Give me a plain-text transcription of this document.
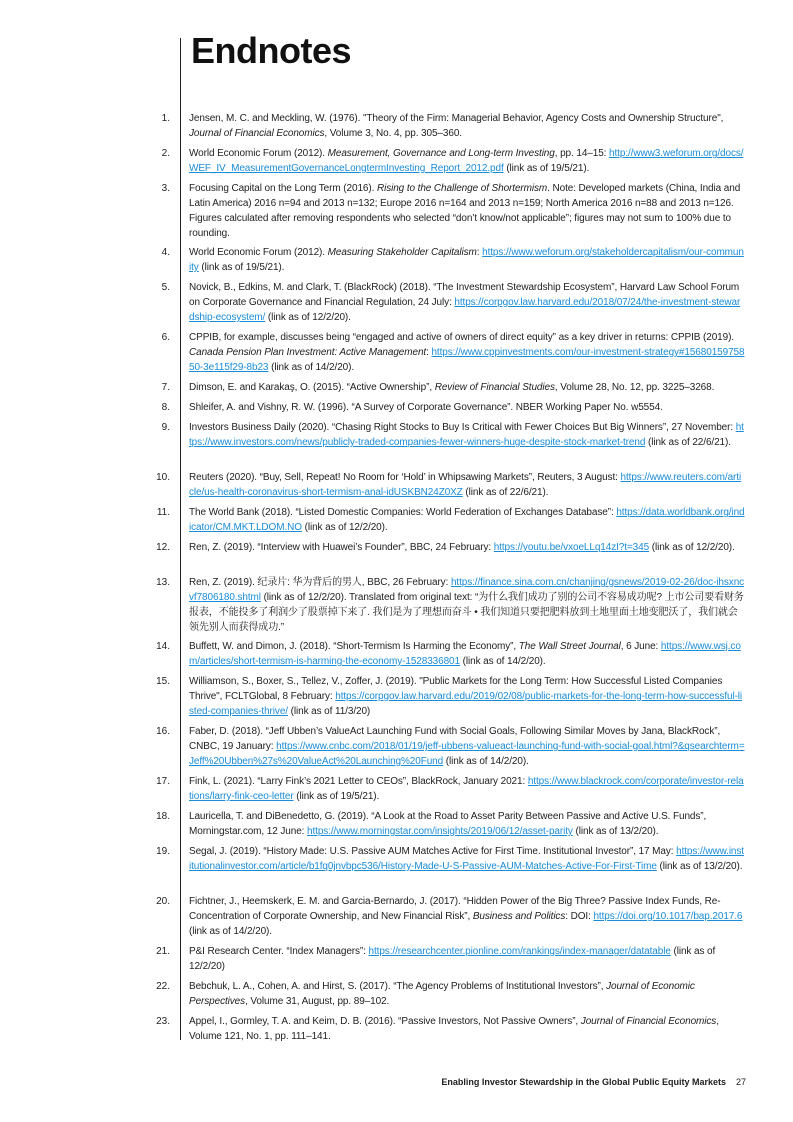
Endnotes
1. Jensen, M. C. and Meckling, W. (1976). "Theory of the Firm: Managerial Behavior, Agency Costs and Ownership Structure", Journal of Financial Economics, Volume 3, No. 4, pp. 305–360.
2. World Economic Forum (2012). Measurement, Governance and Long-term Investing, pp. 14–15: http://www3.weforum.org/docs/WEF_IV_MeasurementGovernanceLongtermInvesting_Report_2012.pdf (link as of 19/5/21).
3. Focusing Capital on the Long Term (2016). Rising to the Challenge of Shortermism. Note: Developed markets (China, India and Latin America) 2016 n=94 and 2013 n=132; Europe 2016 n=164 and 2013 n=159; North America 2016 n=88 and 2013 n=126. Figures calculated after removing respondents who selected “don’t know/not applicable”; figures may not sum to 100% due to rounding.
4. World Economic Forum (2012). Measuring Stakeholder Capitalism: https://www.weforum.org/stakeholdercapitalism/our-community (link as of 19/5/21).
5. Novick, B., Edkins, M. and Clark, T. (BlackRock) (2018). “The Investment Stewardship Ecosystem”, Harvard Law School Forum on Corporate Governance and Financial Regulation, 24 July: https://corpgov.law.harvard.edu/2018/07/24/the-investment-stewardship-ecosystem/ (link as of 12/2/20).
6. CPPIB, for example, discusses being “engaged and active of owners of direct equity” as a key driver in returns: CPPIB (2019). Canada Pension Plan Investment: Active Management: https://www.cppinvestments.com/our-investment-strategy#1568015975850-3e115f29-8b23 (link as of 14/2/20).
7. Dimson, E. and Karakaş, O. (2015). “Active Ownership”, Review of Financial Studies, Volume 28, No. 12, pp. 3225–3268.
8. Shleifer, A. and Vishny, R. W. (1996). “A Survey of Corporate Governance”. NBER Working Paper No. w5554.
9. Investors Business Daily (2020). “Chasing Right Stocks to Buy Is Critical with Fewer Choices But Big Winners”, 27 November: https://www.investors.com/news/publicly-traded-companies-fewer-winners-huge-despite-stock-market-trend (link as of 22/6/21).
10. Reuters (2020). “Buy, Sell, Repeat! No Room for ‘Hold’ in Whipsawing Markets”, Reuters, 3 August: https://www.reuters.com/article/us-health-coronavirus-short-termism-anal-idUSKBN24Z0XZ (link as of 22/6/21).
11. The World Bank (2018). “Listed Domestic Companies: World Federation of Exchanges Database”: https://data.worldbank.org/indicator/CM.MKT.LDOM.NO (link as of 12/2/20).
12. Ren, Z. (2019). “Interview with Huawei’s Founder”, BBC, 24 February: https://youtu.be/vxoeLLq14zI?t=345 (link as of 12/2/20).
13. Ren, Z. (2019). 纪录片: 华为背后的男人, BBC, 26 February: https://finance.sina.com.cn/chanjing/gsnews/2019-02-26/doc-ihsxncvf7806180.shtml (link as of 12/2/20). Translated from original text: “为什么我们成功了别的公司不容易成功呢? 上市公司要看财务报表，不能投多了利润少了股票掉下来了. 我们是为了理想而奋斗 • 我们知道只要把肥料放到土地里面土地变肥沃了，我们就会领先别人而获得成功.”
14. Buffett, W. and Dimon, J. (2018). “Short-Termism Is Harming the Economy”, The Wall Street Journal, 6 June: https://www.wsj.com/articles/short-termism-is-harming-the-economy-1528336801 (link as of 14/2/20).
15. Williamson, S., Boxer, S., Tellez, V., Zoffer, J. (2019). "Public Markets for the Long Term: How Successful Listed Companies Thrive", FCLTGlobal, 8 February: https://corpgov.law.harvard.edu/2019/02/08/public-markets-for-the-long-term-how-successful-listed-companies-thrive/ (link as of 11/3/20)
16. Faber, D. (2018). “Jeff Ubben’s ValueAct Launching Fund with Social Goals, Following Similar Moves by Jana, BlackRock”, CNBC, 19 January: https://www.cnbc.com/2018/01/19/jeff-ubbens-valueact-launching-fund-with-social-goal.html?&qsearchterm=Jeff%20Ubben%27s%20ValueAct%20Launching%20Fund (link as of 14/2/20).
17. Fink, L. (2021). “Larry Fink’s 2021 Letter to CEOs”, BlackRock, January 2021: https://www.blackrock.com/corporate/investor-relations/larry-fink-ceo-letter (link as of 19/5/21).
18. Lauricella, T. and DiBenedetto, G. (2019). “A Look at the Road to Asset Parity Between Passive and Active U.S. Funds”, Morningstar.com, 12 June: https://www.morningstar.com/insights/2019/06/12/asset-parity (link as of 13/2/20).
19. Segal, J. (2019). “History Made: U.S. Passive AUM Matches Active for First Time. Institutional Investor”, 17 May: https://www.institutionalinvestor.com/article/b1fq0jnvbpc536/History-Made-U-S-Passive-AUM-Matches-Active-For-First-Time (link as of 13/2/20).
20. Fichtner, J., Heemskerk, E. M. and Garcia-Bernardo, J. (2017). “Hidden Power of the Big Three? Passive Index Funds, Re-Concentration of Corporate Ownership, and New Financial Risk”, Business and Politics: DOI: https://doi.org/10.1017/bap.2017.6 (link as of 14/2/20).
21. P&I Research Center. “Index Managers”: https://researchcenter.pionline.com/rankings/index-manager/datatable (link as of 12/2/20)
22. Bebchuk, L. A., Cohen, A. and Hirst, S. (2017). “The Agency Problems of Institutional Investors”, Journal of Economic Perspectives, Volume 31, August, pp. 89–102.
23. Appel, I., Gormley, T. A. and Keim, D. B. (2016). “Passive Investors, Not Passive Owners”, Journal of Financial Economics, Volume 121, No. 1, pp. 111–141.
Enabling Investor Stewardship in the Global Public Equity Markets 27
